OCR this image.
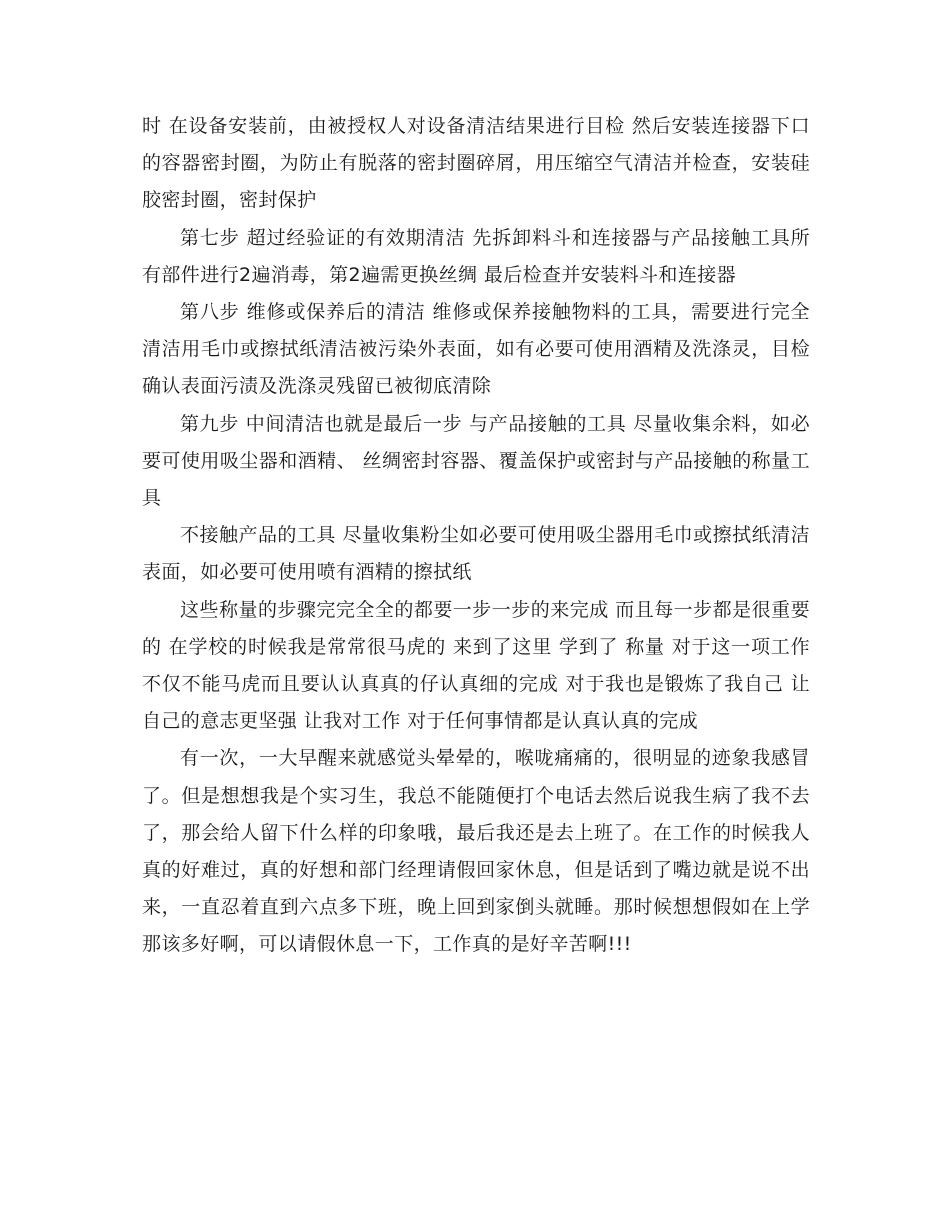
时 在设备安装前，由被授权人对设备清洁结果进行目检 然后安装连接器下口的容器密封圈，为防止有脱落的密封圈碎屑，用压缩空气清洁并检查，安装硅胶密封圈，密封保护

第七步 超过经验证的有效期清洁 先拆卸料斗和连接器与产品接触工具所有部件进行2遍消毒，第2遍需更换丝绸 最后检查并安装料斗和连接器

第八步 维修或保养后的清洁 维修或保养接触物料的工具，需要进行完全清洁用毛巾或擦拭纸清洁被污染外表面，如有必要可使用酒精及洗涤灵，目检确认表面污渍及洗涤灵残留已被彻底清除

第九步 中间清洁也就是最后一步 与产品接触的工具 尽量收集余料，如必要可使用吸尘器和酒精、 丝绸密封容器、覆盖保护或密封与产品接触的称量工具

不接触产品的工具 尽量收集粉尘如必要可使用吸尘器用毛巾或擦拭纸清洁表面，如必要可使用喷有酒精的擦拭纸

这些称量的步骤完完全全的都要一步一步的来完成 而且每一步都是很重要的 在学校的时候我是常常很马虎的 来到了这里 学到了 称量 对于这一项工作 不仅不能马虎而且要认认真真的仔认真细的完成 对于我也是锻炼了我自己 让自己的意志更坚强 让我对工作 对于任何事情都是认真认真的完成

有一次，一大早醒来就感觉头晕晕的，喉咙痛痛的，很明显的迹象我感冒了。但是想想我是个实习生，我总不能随便打个电话去然后说我生病了我不去了，那会给人留下什么样的印象哦，最后我还是去上班了。在工作的时候我人真的好难过，真的好想和部门经理请假回家休息，但是话到了嘴边就是说不出来，一直忍着直到六点多下班，晚上回到家倒头就睡。那时候想想假如在上学那该多好啊，可以请假休息一下，工作真的是好辛苦啊!!!
